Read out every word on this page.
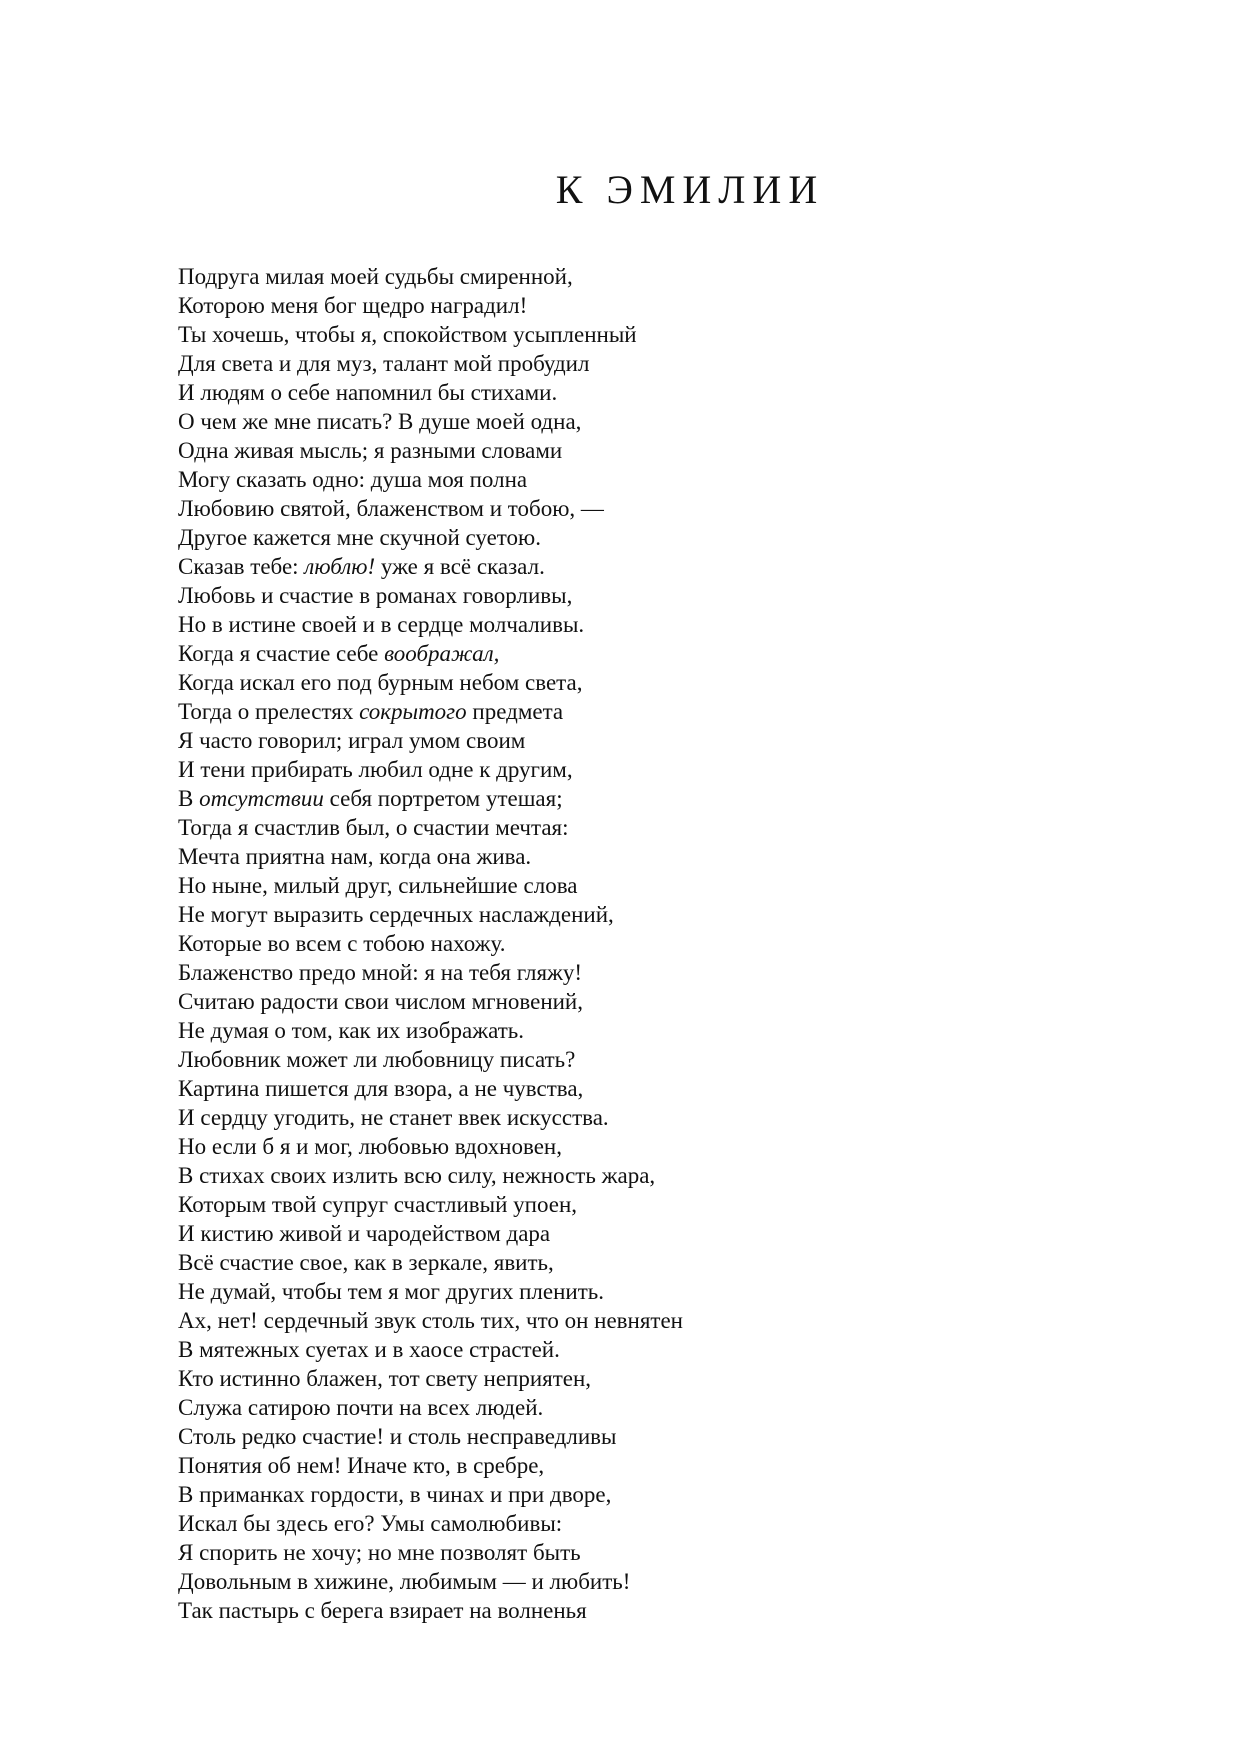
К ЭМИЛИИ
Подруга милая моей судьбы смиренной,
Которою меня бог щедро наградил!
Ты хочешь, чтобы я, спокойством усыпленный
Для света и для муз, талант мой пробудил
И людям о себе напомнил бы стихами.
О чем же мне писать? В душе моей одна,
Одна живая мысль; я разными словами
Могу сказать одно: душа моя полна
Любовию святой, блаженством и тобою, —
Другое кажется мне скучной суетою.
Сказав тебе: люблю! уже я всё сказал.
Любовь и счастие в романах говорливы,
Но в истине своей и в сердце молчаливы.
Когда я счастие себе воображал,
Когда искал его под бурным небом света,
Тогда о прелестях сокрытого предмета
Я часто говорил; играл умом своим
И тени прибирать любил одне к другим,
В отсутствии себя портретом утешая;
Тогда я счастлив был, о счастии мечтая:
Мечта приятна нам, когда она жива.
Но ныне, милый друг, сильнейшие слова
Не могут выразить сердечных наслаждений,
Которые во всем с тобою нахожу.
Блаженство предо мной: я на тебя гляжу!
Считаю радости свои числом мгновений,
Не думая о том, как их изображать.
Любовник может ли любовницу писать?
Картина пишется для взора, а не чувства,
И сердцу угодить, не станет ввек искусства.
Но если б я и мог, любовью вдохновен,
В стихах своих излить всю силу, нежность жара,
Которым твой супруг счастливый упоен,
И кистию живой и чародейством дара
Всё счастие свое, как в зеркале, явить,
Не думай, чтобы тем я мог других пленить.
Ах, нет! сердечный звук столь тих, что он невнятен
В мятежных суетах и в хаосе страстей.
Кто истинно блажен, тот свету неприятен,
Служа сатирою почти на всех людей.
Столь редко счастие! и столь несправедливы
Понятия об нем! Иначе кто, в сребре,
В приманках гордости, в чинах и при дворе,
Искал бы здесь его? Умы самолюбивы:
Я спорить не хочу; но мне позволят быть
Довольным в хижине, любимым — и любить!
Так пастырь с берега взирает на волненья
